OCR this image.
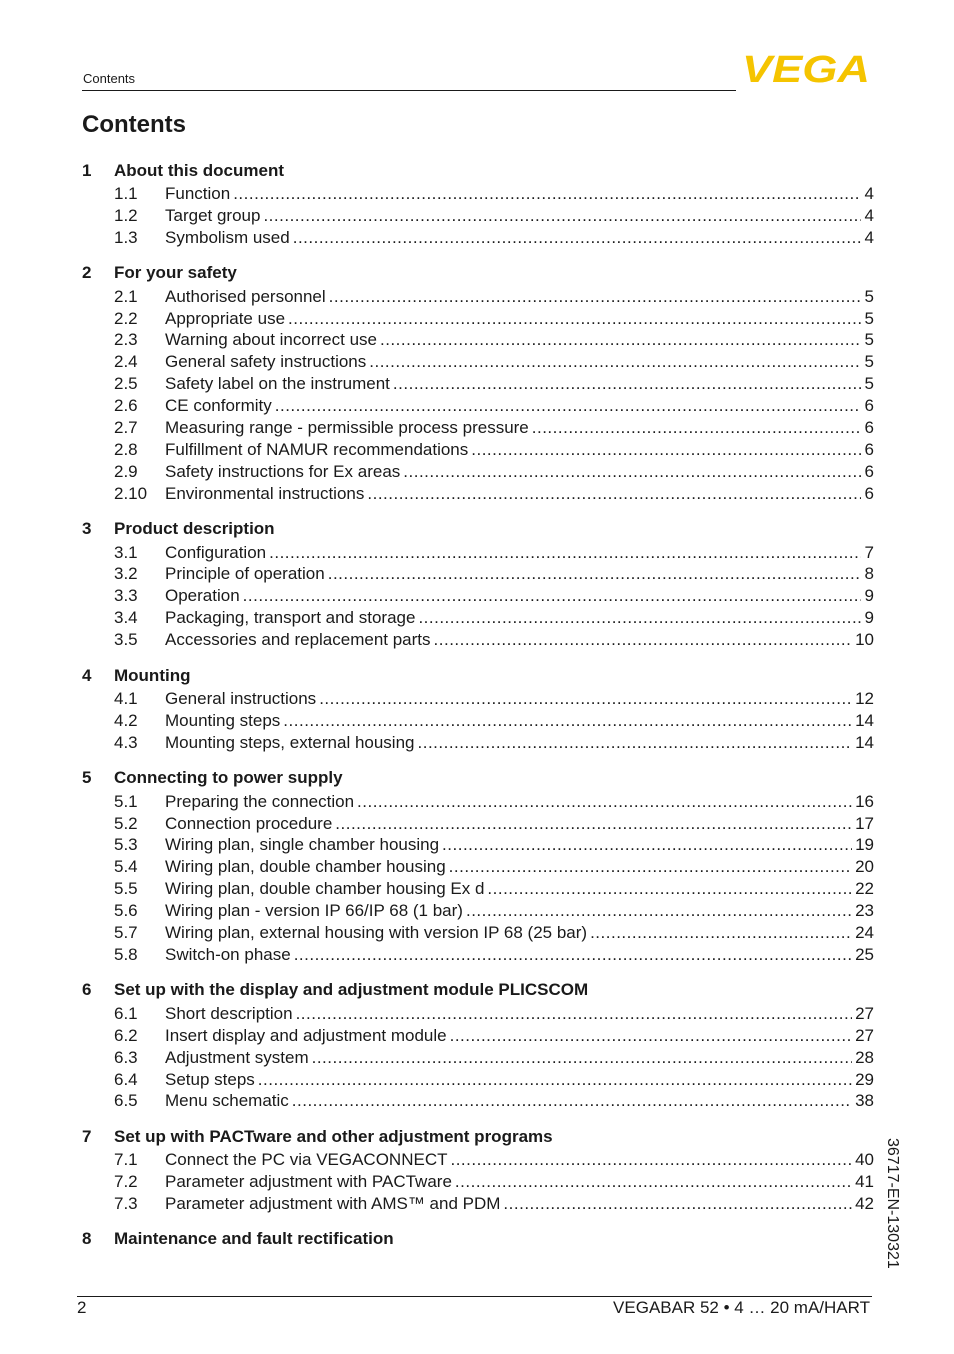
Contents	VEGA
Contents
1	About this document
1.1	Function .....	4
1.2	Target group .....	4
1.3	Symbolism used .....	4
2	For your safety
2.1	Authorised personnel .....	5
2.2	Appropriate use .....	5
2.3	Warning about incorrect use .....	5
2.4	General safety instructions .....	5
2.5	Safety label on the instrument .....	5
2.6	CE conformity .....	6
2.7	Measuring range - permissible process pressure .....	6
2.8	Fulfillment of NAMUR recommendations .....	6
2.9	Safety instructions for Ex areas .....	6
2.10	Environmental instructions .....	6
3	Product description
3.1	Configuration .....	7
3.2	Principle of operation .....	8
3.3	Operation .....	9
3.4	Packaging, transport and storage .....	9
3.5	Accessories and replacement parts .....	10
4	Mounting
4.1	General instructions .....	12
4.2	Mounting steps .....	14
4.3	Mounting steps, external housing .....	14
5	Connecting to power supply
5.1	Preparing the connection .....	16
5.2	Connection procedure .....	17
5.3	Wiring plan, single chamber housing .....	19
5.4	Wiring plan, double chamber housing .....	20
5.5	Wiring plan, double chamber housing Ex d .....	22
5.6	Wiring plan - version IP 66/IP 68 (1 bar) .....	23
5.7	Wiring plan, external housing with version IP 68 (25 bar) .....	24
5.8	Switch-on phase .....	25
6	Set up with the display and adjustment module PLICSCOM
6.1	Short description .....	27
6.2	Insert display and adjustment module .....	27
6.3	Adjustment system .....	28
6.4	Setup steps .....	29
6.5	Menu schematic .....	38
7	Set up with PACTware and other adjustment programs
7.1	Connect the PC via VEGACONNECT .....	40
7.2	Parameter adjustment with PACTware .....	41
7.3	Parameter adjustment with AMS™ and PDM .....	42
8	Maintenance and fault rectification	36717-EN-130321
2	VEGABAR 52 • 4 … 20 mA/HART
